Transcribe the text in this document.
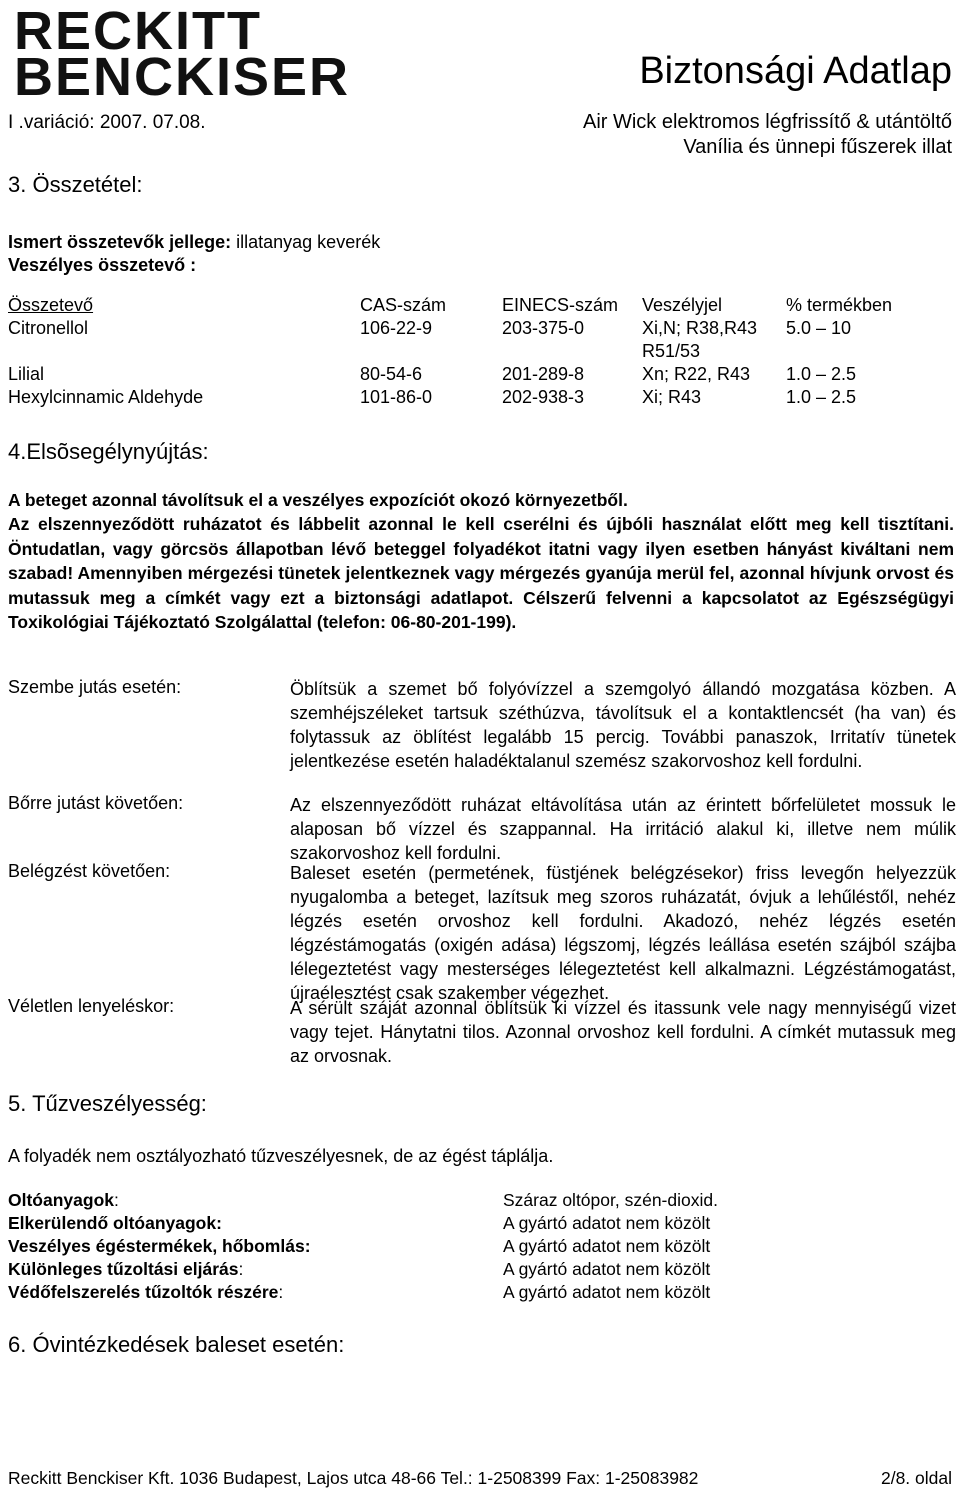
RECKITT
BENCKISER	Biztonsági Adatlap
I .variáció: 2007. 07.08.	Air Wick elektromos légfrissítő & utántöltő
Vanília és ünnepi fűszerek illat
3. Összetétel:
Ismert összetevők jellege: illatanyag keverék
Veszélyes összetevő :
Összetevő	CAS-szám	EINECS-szám	Veszélyjel	% termékben
Citronellol	106-22-9	203-375-0	Xi,N; R38,R43 R51/53	5.0 – 10
Lilial	80-54-6	201-289-8	Xn; R22, R43	1.0 – 2.5
Hexylcinnamic Aldehyde	101-86-0	202-938-3	Xi; R43	1.0 – 2.5
4.Elsõsegélynyújtás:
A beteget azonnal távolítsuk el a veszélyes expozíciót okozó környezetből.
Az elszennyeződött ruházatot és lábbelit azonnal le kell cserélni és újbóli használat előtt meg kell tisztítani. Öntudatlan, vagy görcsös állapotban lévő beteggel folyadékot itatni vagy ilyen esetben hányást kiváltani nem szabad! Amennyiben mérgezési tünetek jelentkeznek vagy mérgezés gyanúja merül fel, azonnal hívjunk orvost és mutassuk meg a címkét vagy ezt a biztonsági adatlapot. Célszerű felvenni a kapcsolatot az Egészségügyi Toxikológiai Tájékoztató Szolgálattal (telefon: 06-80-201-199).
Szembe jutás esetén:	Öblítsük a szemet bő folyóvízzel a szemgolyó állandó mozgatása közben. A szemhéjszéleket tartsuk széthúzva, távolítsuk el a kontaktlencsét (ha van) és folytassuk az öblítést legalább 15 percig. További panaszok, Irritatív tünetek jelentkezése esetén haladéktalanul szemész szakorvoshoz kell fordulni.
Bőrre jutást követően:	Az elszennyeződött ruházat eltávolítása után az érintett bőrfelületet mossuk le alaposan bő vízzel és szappannal. Ha irritáció alakul ki, illetve nem múlik szakorvoshoz kell fordulni.
Belégzést követően:	Baleset esetén (permetének, füstjének belégzésekor) friss levegőn helyezzük nyugalomba a beteget, lazítsuk meg szoros ruházatát, óvjuk a lehűléstől, nehéz légzés esetén orvoshoz kell fordulni. Akadozó, nehéz légzés esetén légzéstámogatás (oxigén adása) légszomj, légzés leállása esetén szájból szájba lélegeztetést vagy mesterséges lélegeztetést kell alkalmazni. Légzéstámogatást, újraélesztést csak szakember végezhet.
Véletlen lenyeléskor:	A sérült száját azonnal öblítsük ki vízzel és itassunk vele nagy mennyiségű vizet vagy tejet. Hánytatni tilos. Azonnal orvoshoz kell fordulni. A címkét mutassuk meg az orvosnak.
5. Tűzveszélyesség:
A folyadék nem osztályozható tűzveszélyesnek, de az égést táplálja.
Oltóanyagok:	Száraz oltópor, szén-dioxid.
Elkerülendő oltóanyagok:	A gyártó adatot nem közölt
Veszélyes égéstermékek, hőbomlás:	A gyártó adatot nem közölt
Különleges tűzoltási eljárás:	A gyártó adatot nem közölt
Védőfelszerelés tűzoltók részére:	A gyártó adatot nem közölt
6. Óvintézkedések baleset esetén:
Reckitt Benckiser Kft. 1036 Budapest, Lajos utca 48-66 Tel.: 1-2508399 Fax: 1-25083982	2/8. oldal
